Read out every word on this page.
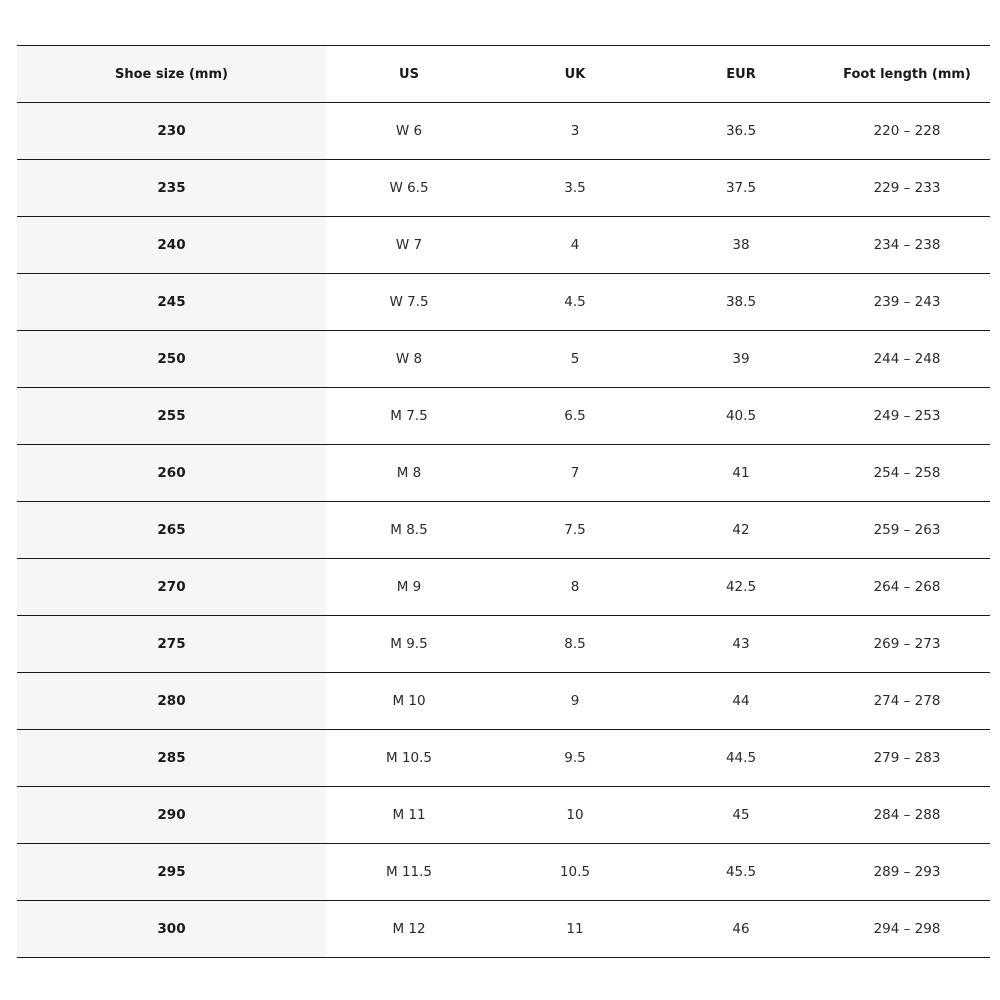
Shoe size (mm)	US	UK	EUR	Foot length (mm)
230	W 6	3	36.5	220 – 228
235	W 6.5	3.5	37.5	229 – 233
240	W 7	4	38	234 – 238
245	W 7.5	4.5	38.5	239 – 243
250	W 8	5	39	244 – 248
255	M 7.5	6.5	40.5	249 – 253
260	M 8	7	41	254 – 258
265	M 8.5	7.5	42	259 – 263
270	M 9	8	42.5	264 – 268
275	M 9.5	8.5	43	269 – 273
280	M 10	9	44	274 – 278
285	M 10.5	9.5	44.5	279 – 283
290	M 11	10	45	284 – 288
295	M 11.5	10.5	45.5	289 – 293
300	M 12	11	46	294 – 298
